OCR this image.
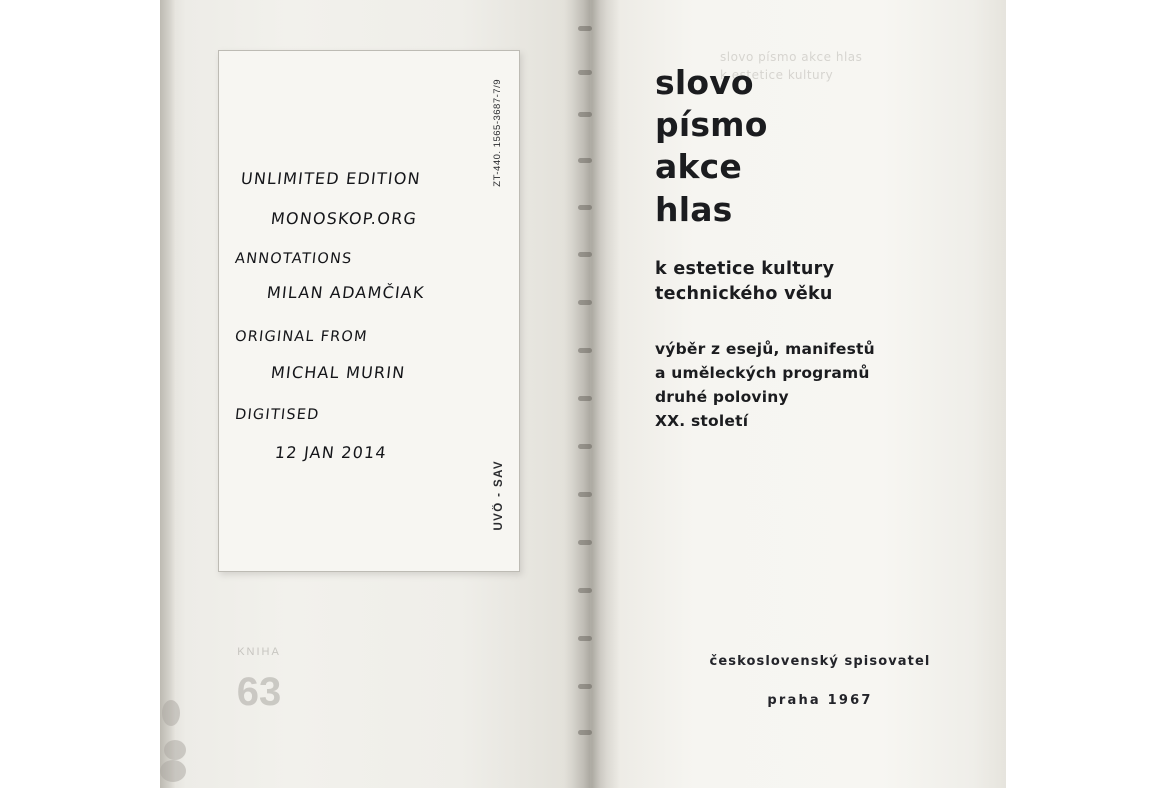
ZT-440. 1565-3687-7/9
UVÖ - SAV
UNLIMITED EDITION
MONOSKOP.ORG
ANNOTATIONS
MILAN ADAMČIAK
ORIGINAL FROM
MICHAL MURIN
DIGITISED
12 JAN 2014
KNIHA
63
slovo písmo akce hlas
k estetice kultury
slovo
písmo
akce
hlas
k estetice kultury
technického věku
výběr z esejů, manifestů
a uměleckých programů
druhé poloviny
XX. století
československý spisovatel
praha 1967
